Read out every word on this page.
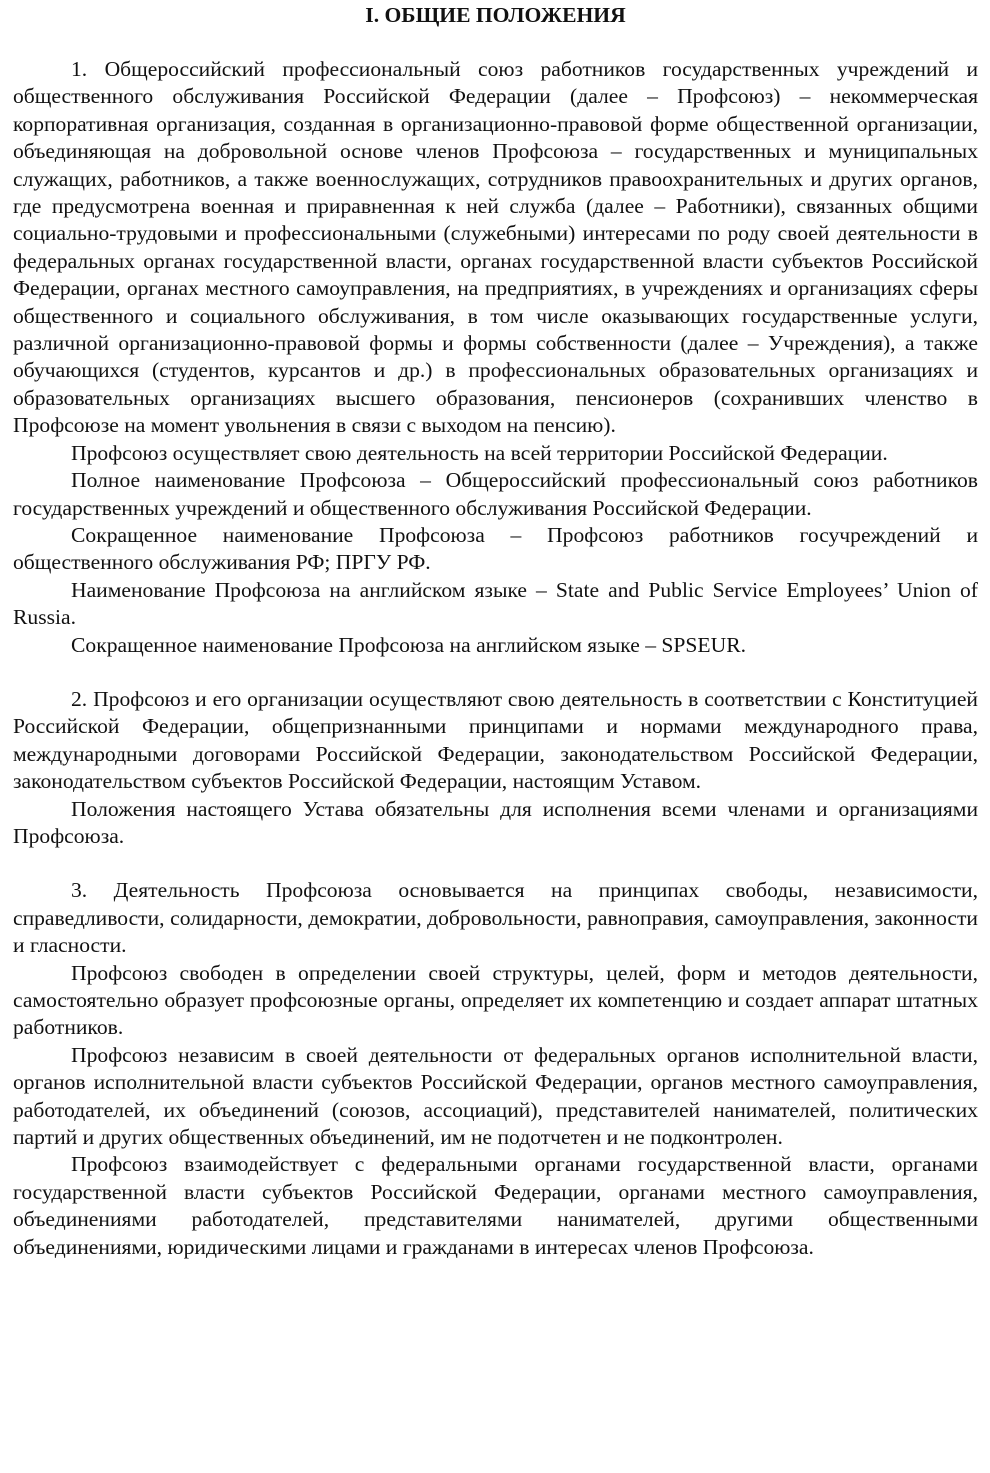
I. ОБЩИЕ ПОЛОЖЕНИЯ

1. Общероссийский профессиональный союз работников государственных учреждений и общественного обслуживания Российской Федерации (далее – Профсоюз) – некоммерческая корпоративная организация, созданная в организационно-правовой форме общественной организации, объединяющая на добровольной основе членов Профсоюза – государственных и муниципальных служащих, работников, а также военнослужащих, сотрудников правоохранительных и других органов, где предусмотрена военная и приравненная к ней служба (далее – Работники), связанных общими социально-трудовыми и профессиональными (служебными) интересами по роду своей деятельности в федеральных органах государственной власти, органах государственной власти субъектов Российской Федерации, органах местного самоуправления, на предприятиях, в учреждениях и организациях сферы общественного и социального обслуживания, в том числе оказывающих государственные услуги, различной организационно-правовой формы и формы собственности (далее – Учреждения), а также обучающихся (студентов, курсантов и др.) в профессиональных образовательных организациях и образовательных организациях высшего образования, пенсионеров (сохранивших членство в Профсоюзе на момент увольнения в связи с выходом на пенсию).

Профсоюз осуществляет свою деятельность на всей территории Российской Федерации.

Полное наименование Профсоюза – Общероссийский профессиональный союз работников государственных учреждений и общественного обслуживания Российской Федерации.

Сокращенное наименование Профсоюза – Профсоюз работников госучреждений и общественного обслуживания РФ; ПРГУ РФ.

Наименование Профсоюза на английском языке – State and Public Service Employees’ Union of Russia.

Сокращенное наименование Профсоюза на английском языке – SPSEUR.

2. Профсоюз и его организации осуществляют свою деятельность в соответствии с Конституцией Российской Федерации, общепризнанными принципами и нормами международного права, международными договорами Российской Федерации, законодательством Российской Федерации, законодательством субъектов Российской Федерации, настоящим Уставом.

Положения настоящего Устава обязательны для исполнения всеми членами и организациями Профсоюза.

3. Деятельность Профсоюза основывается на принципах свободы, независимости, справедливости, солидарности, демократии, добровольности, равноправия, самоуправления, законности и гласности.

Профсоюз свободен в определении своей структуры, целей, форм и методов деятельности, самостоятельно образует профсоюзные органы, определяет их компетенцию и создает аппарат штатных работников.

Профсоюз независим в своей деятельности от федеральных органов исполнительной власти, органов исполнительной власти субъектов Российской Федерации, органов местного самоуправления, работодателей, их объединений (союзов, ассоциаций), представителей нанимателей, политических партий и других общественных объединений, им не подотчетен и не подконтролен.

Профсоюз взаимодействует с федеральными органами государственной власти, органами государственной власти субъектов Российской Федерации, органами местного самоуправления, объединениями работодателей, представителями нанимателей, другими общественными объединениями, юридическими лицами и гражданами в интересах членов Профсоюза.
